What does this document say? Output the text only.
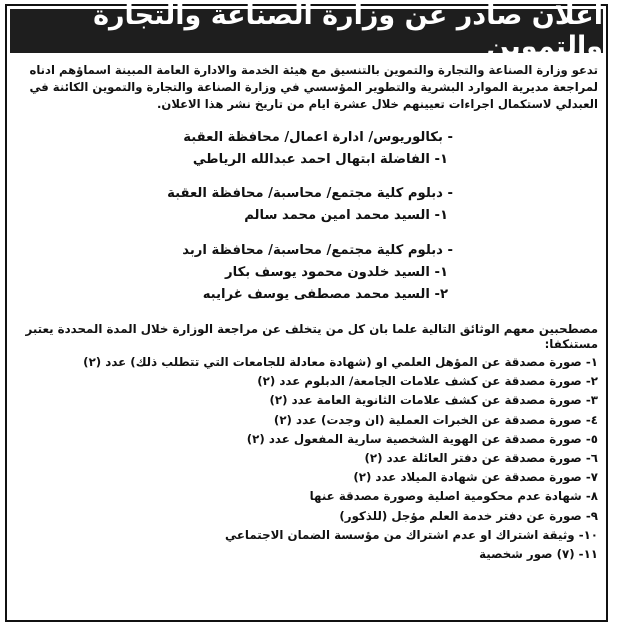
اعلان صادر عن وزارة الصناعة والتجارة والتموين

تدعو وزارة الصناعة والتجارة والتموين بالتنسيق مع هيئة الخدمة والادارة العامة المبينة اسماؤهم ادناه لمراجعة مديرية الموارد البشرية والتطوير المؤسسي في وزارة الصناعة والتجارة والتموين الكائنة في العبدلي لاستكمال اجراءات تعيينهم خلال عشرة ايام من تاريخ نشر هذا الاعلان.

- بكالوريوس/ ادارة اعمال/ محافظة العقبة
١- الفاضلة ابتهال احمد عبدالله الرياطي
- دبلوم كلية مجتمع/ محاسبة/ محافظة العقبة
١- السيد محمد امين محمد سالم
- دبلوم كلية مجتمع/ محاسبة/ محافظة اربد
١- السيد خلدون محمود يوسف بكار
٢- السيد محمد مصطفى يوسف غرايبه
مصطحبين معهم الوثائق التالية علما بان كل من يتخلف عن مراجعة الوزارة خلال المدة المحددة يعتبر مستنكفا:
١- صورة مصدقة عن المؤهل العلمي او (شهادة معادلة للجامعات التي تتطلب ذلك) عدد (٢)
٢- صورة مصدقة عن كشف علامات الجامعة/ الدبلوم عدد (٢)
٣- صورة مصدقة عن كشف علامات الثانوية العامة عدد (٢)
٤- صورة مصدقة عن الخبرات العملية (ان وجدت) عدد (٢)
٥- صورة مصدقة عن الهوية الشخصية سارية المفعول عدد (٢)
٦- صورة مصدقة عن دفتر العائلة عدد (٢)
٧- صورة مصدقة عن شهادة الميلاد عدد (٢)
٨- شهادة عدم محكومية اصلية وصورة مصدقة عنها
٩- صورة عن دفتر خدمة العلم مؤجل (للذكور)
١٠- وثيقة اشتراك او عدم اشتراك من مؤسسة الضمان الاجتماعي
١١- (٧) صور شخصية
